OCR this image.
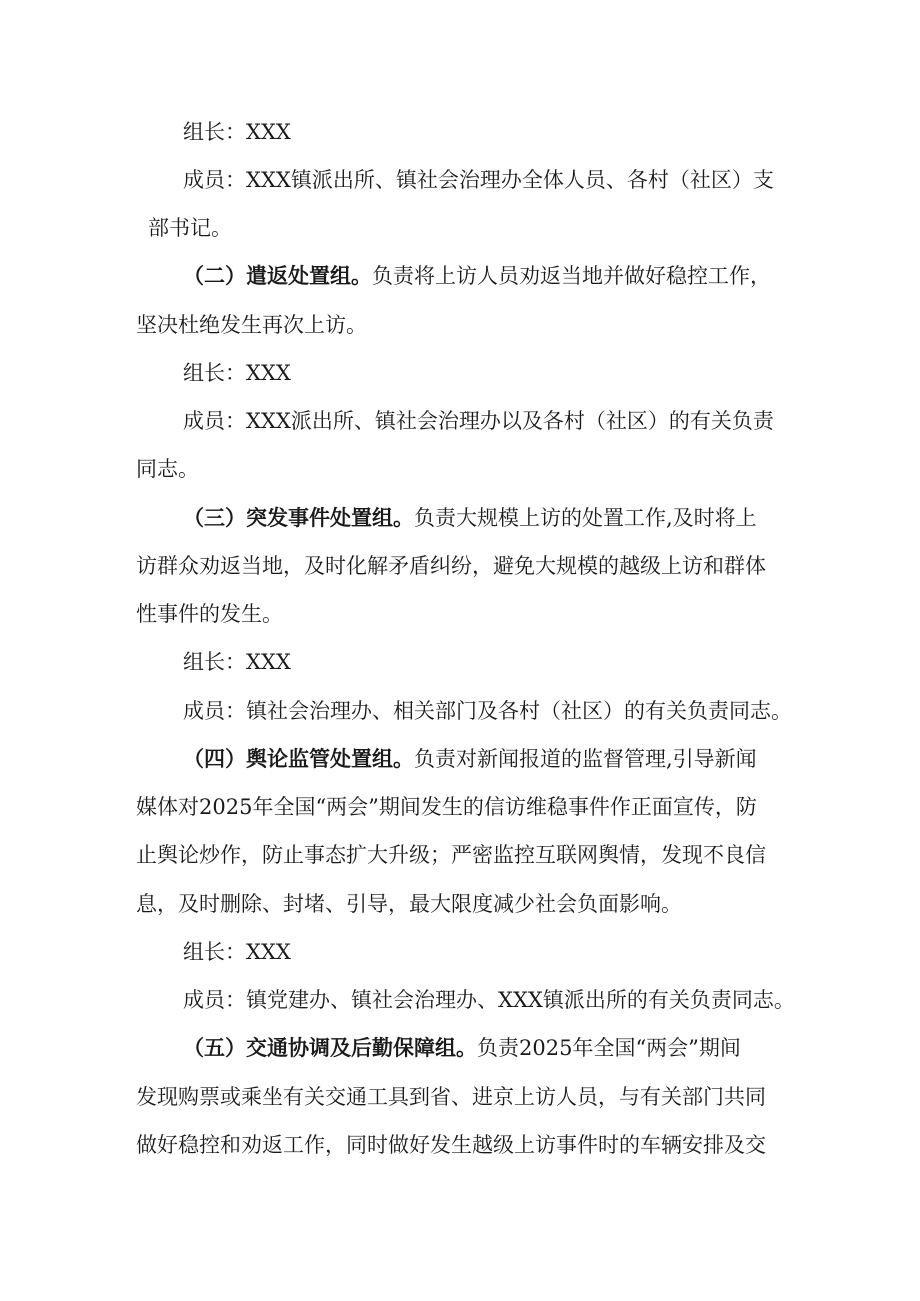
组长：XXX
成员：XXX镇派出所、镇社会治理办全体人员、各村（社区）支
部书记。
（二）遣返处置组。负责将上访人员劝返当地并做好稳控工作，
坚决杜绝发生再次上访。
组长：XXX
成员：XXX派出所、镇社会治理办以及各村（社区）的有关负责
同志。
（三）突发事件处置组。负责大规模上访的处置工作,及时将上
访群众劝返当地，及时化解矛盾纠纷，避免大规模的越级上访和群体
性事件的发生。
组长：XXX
成员：镇社会治理办、相关部门及各村（社区）的有关负责同志。
（四）舆论监管处置组。负责对新闻报道的监督管理,引导新闻
媒体对2025年全国“两会”期间发生的信访维稳事件作正面宣传，防
止舆论炒作，防止事态扩大升级；严密监控互联网舆情，发现不良信
息，及时删除、封堵、引导，最大限度减少社会负面影响。
组长：XXX
成员：镇党建办、镇社会治理办、XXX镇派出所的有关负责同志。
（五）交通协调及后勤保障组。负责2025年全国“两会”期间
发现购票或乘坐有关交通工具到省、进京上访人员，与有关部门共同
做好稳控和劝返工作，同时做好发生越级上访事件时的车辆安排及交
